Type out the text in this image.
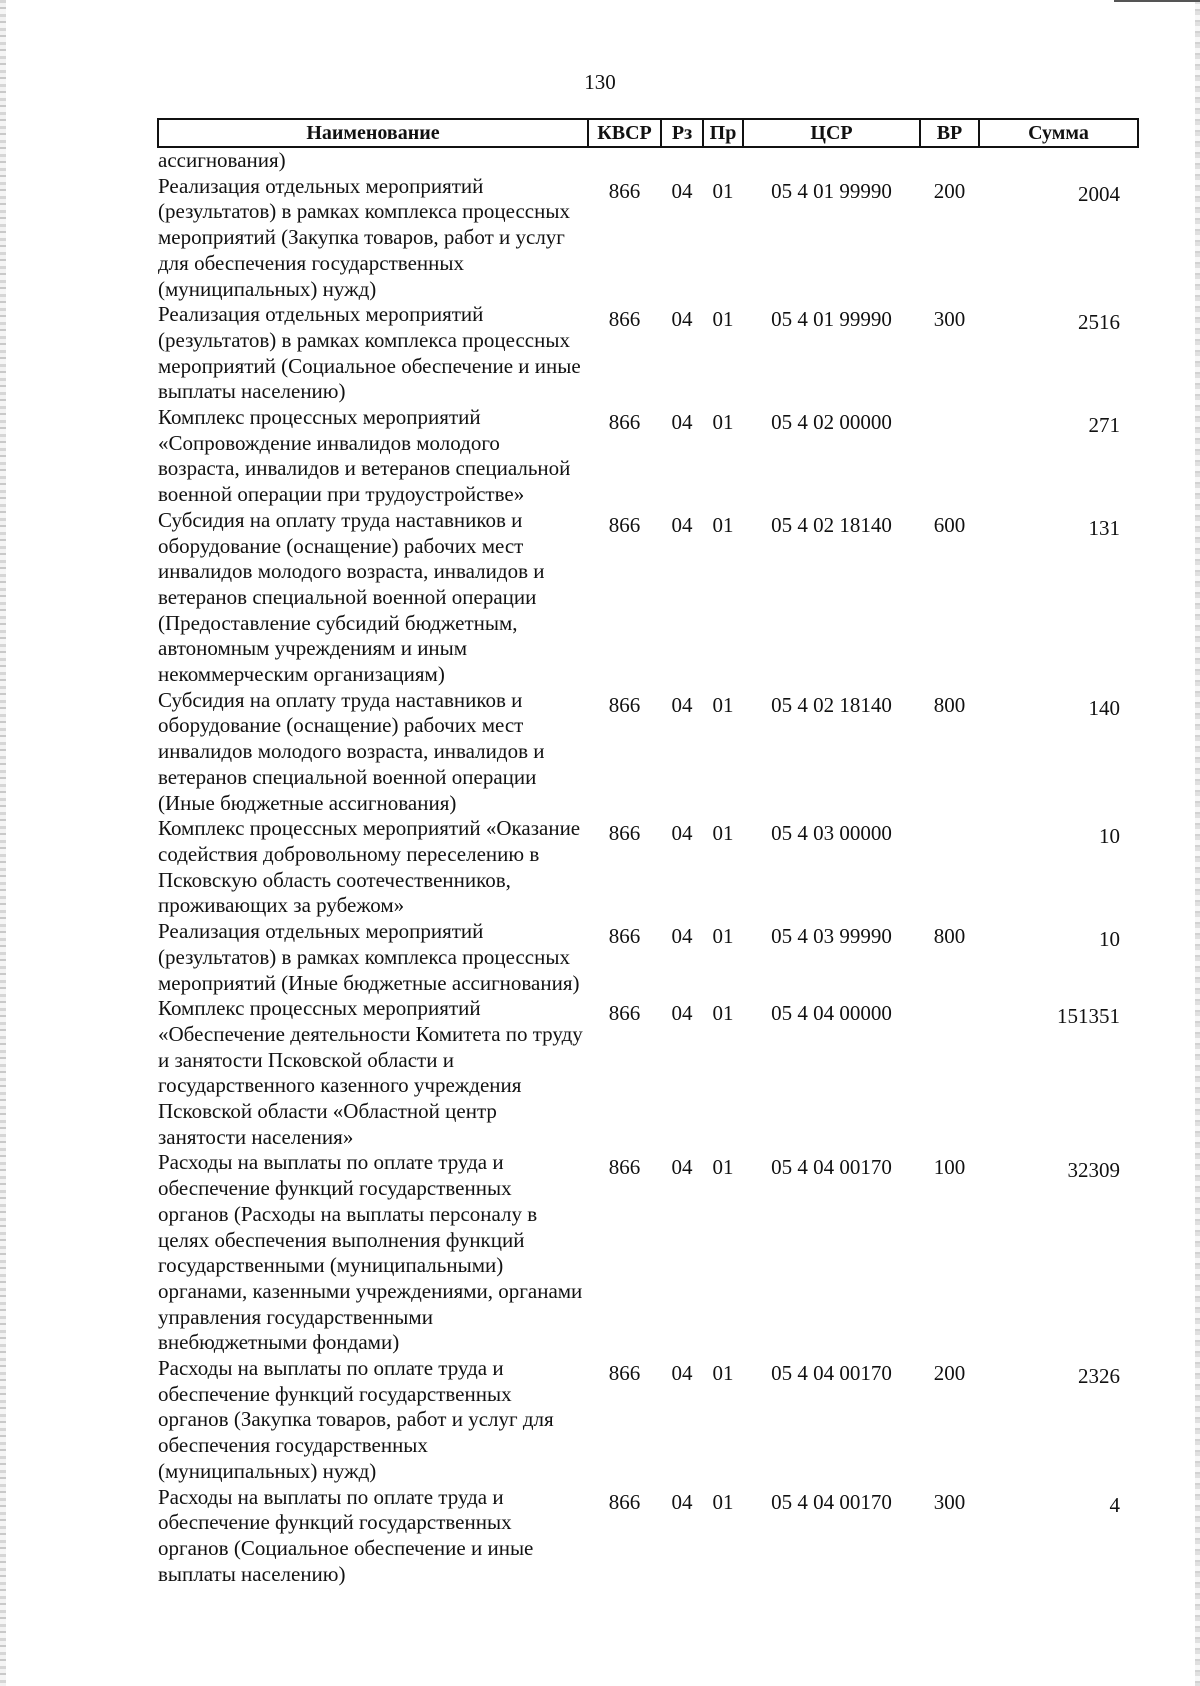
130
Наименование	КВСР	Рз	Пр	ЦСР	ВР	Сумма
ассигнования)						
Реализация отдельных мероприятий (результатов) в рамках комплекса процессных мероприятий (Закупка товаров, работ и услуг для обеспечения государственных (муниципальных) нужд)	866	04	01	05 4 01 99990	200	2004
Реализация отдельных мероприятий (результатов) в рамках комплекса процессных мероприятий (Социальное обеспечение и иные выплаты населению)	866	04	01	05 4 01 99990	300	2516
Комплекс процессных мероприятий «Сопровождение инвалидов молодого возраста, инвалидов и ветеранов специальной военной операции при трудоустройстве»	866	04	01	05 4 02 00000		271
Субсидия на оплату труда наставников и оборудование (оснащение) рабочих мест инвалидов молодого возраста, инвалидов и ветеранов специальной военной операции (Предоставление субсидий бюджетным, автономным учреждениям и иным некоммерческим организациям)	866	04	01	05 4 02 18140	600	131
Субсидия на оплату труда наставников и оборудование (оснащение) рабочих мест инвалидов молодого возраста, инвалидов и ветеранов специальной военной операции (Иные бюджетные ассигнования)	866	04	01	05 4 02 18140	800	140
Комплекс процессных мероприятий «Оказание содействия добровольному переселению в Псковскую область соотечественников, проживающих за рубежом»	866	04	01	05 4 03 00000		10
Реализация отдельных мероприятий (результатов) в рамках комплекса процессных мероприятий (Иные бюджетные ассигнования)	866	04	01	05 4 03 99990	800	10
Комплекс процессных мероприятий «Обеспечение деятельности Комитета по труду и занятости Псковской области и государственного казенного учреждения Псковской области «Областной центр занятости населения»	866	04	01	05 4 04 00000		151351
Расходы на выплаты по оплате труда и обеспечение функций государственных органов (Расходы на выплаты персоналу в целях обеспечения выполнения функций государственными (муниципальными) органами, казенными учреждениями, органами управления государственными внебюджетными фондами)	866	04	01	05 4 04 00170	100	32309
Расходы на выплаты по оплате труда и обеспечение функций государственных органов (Закупка товаров, работ и услуг для обеспечения государственных (муниципальных) нужд)	866	04	01	05 4 04 00170	200	2326
Расходы на выплаты по оплате труда и обеспечение функций государственных органов (Социальное обеспечение и иные выплаты населению)	866	04	01	05 4 04 00170	300	4
